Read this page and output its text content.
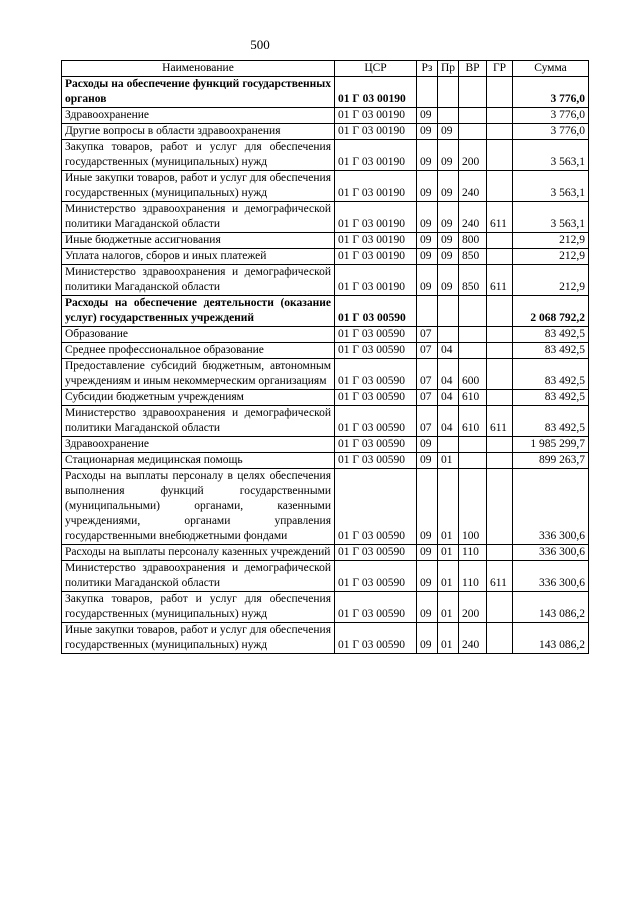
500
Наименование	ЦСР	Рз	Пр	ВР	ГР	Сумма
Расходы на обеспечение функций государственных органов	01 Г 03 00190					3 776,0
Здравоохранение	01 Г 03 00190	09				3 776,0
Другие вопросы в области здравоохранения	01 Г 03 00190	09	09			3 776,0
Закупка товаров, работ и услуг для обеспечения государственных (муниципальных) нужд	01 Г 03 00190	09	09	200		3 563,1
Иные закупки товаров, работ и услуг для обеспечения государственных (муниципальных) нужд	01 Г 03 00190	09	09	240		3 563,1
Министерство здравоохранения и демографической политики Магаданской области	01 Г 03 00190	09	09	240	611	3 563,1
Иные бюджетные ассигнования	01 Г 03 00190	09	09	800		212,9
Уплата налогов, сборов и иных платежей	01 Г 03 00190	09	09	850		212,9
Министерство здравоохранения и демографической политики Магаданской области	01 Г 03 00190	09	09	850	611	212,9
Расходы на обеспечение деятельности (оказание услуг) государственных учреждений	01 Г 03 00590					2 068 792,2
Образование	01 Г 03 00590	07				83 492,5
Среднее профессиональное образование	01 Г 03 00590	07	04			83 492,5
Предоставление субсидий бюджетным, автономным учреждениям и иным некоммерческим организациям	01 Г 03 00590	07	04	600		83 492,5
Субсидии бюджетным учреждениям	01 Г 03 00590	07	04	610		83 492,5
Министерство здравоохранения и демографической политики Магаданской области	01 Г 03 00590	07	04	610	611	83 492,5
Здравоохранение	01 Г 03 00590	09				1 985 299,7
Стационарная медицинская помощь	01 Г 03 00590	09	01			899 263,7
Расходы на выплаты персоналу в целях обеспечения выполнения функций государственными (муниципальными) органами, казенными учреждениями, органами управления государственными внебюджетными фондами	01 Г 03 00590	09	01	100		336 300,6
Расходы на выплаты персоналу казенных учреждений	01 Г 03 00590	09	01	110		336 300,6
Министерство здравоохранения и демографической политики Магаданской области	01 Г 03 00590	09	01	110	611	336 300,6
Закупка товаров, работ и услуг для обеспечения государственных (муниципальных) нужд	01 Г 03 00590	09	01	200		143 086,2
Иные закупки товаров, работ и услуг для обеспечения государственных (муниципальных) нужд	01 Г 03 00590	09	01	240		143 086,2
